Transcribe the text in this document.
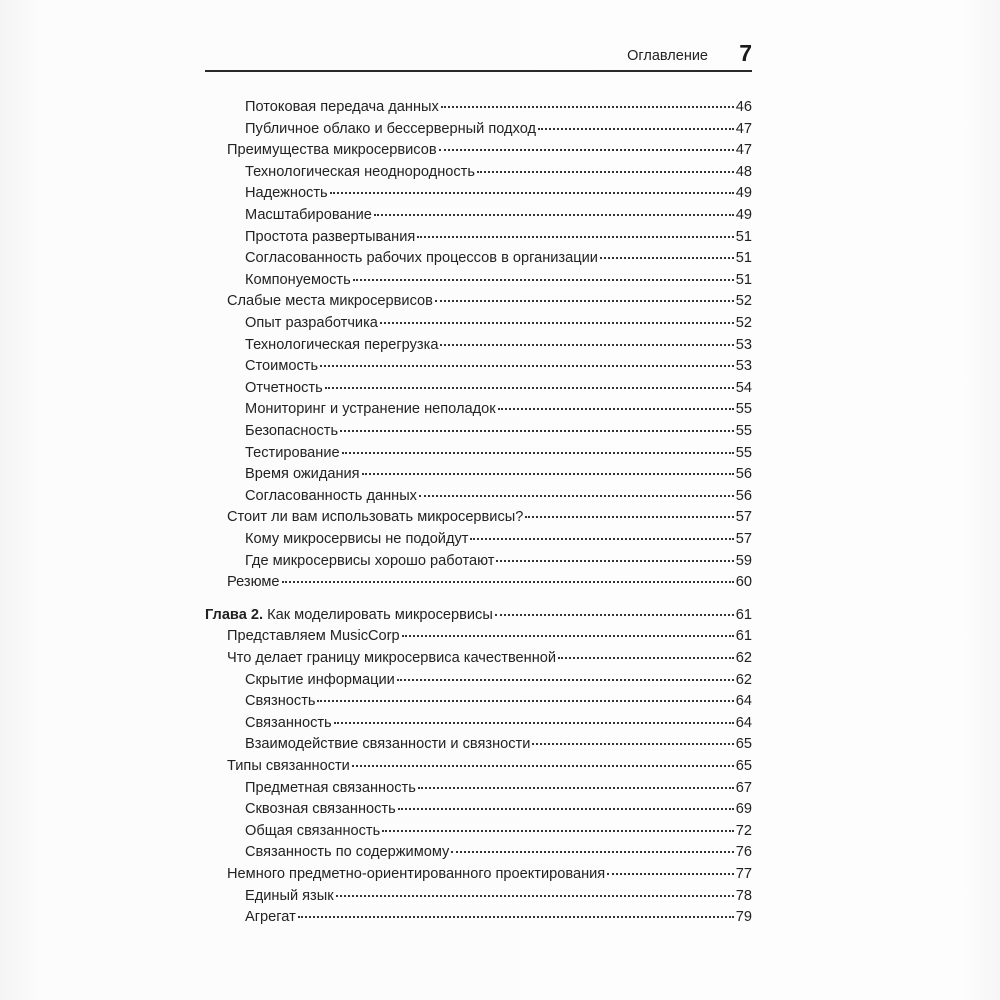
Оглавление 7
Потоковая передача данных	46
Публичное облако и бессерверный подход	47
Преимущества микросервисов	47
Технологическая неоднородность	48
Надежность	49
Масштабирование	49
Простота развертывания	51
Согласованность рабочих процессов в организации	51
Компонуемость	51
Слабые места микросервисов	52
Опыт разработчика	52
Технологическая перегрузка	53
Стоимость	53
Отчетность	54
Мониторинг и устранение неполадок	55
Безопасность	55
Тестирование	55
Время ожидания	56
Согласованность данных	56
Стоит ли вам использовать микросервисы?	57
Кому микросервисы не подойдут	57
Где микросервисы хорошо работают	59
Резюме	60
Глава 2. Как моделировать микросервисы	61
Представляем MusicCorp	61
Что делает границу микросервиса качественной	62
Скрытие информации	62
Связность	64
Связанность	64
Взаимодействие связанности и связности	65
Типы связанности	65
Предметная связанность	67
Сквозная связанность	69
Общая связанность	72
Связанность по содержимому	76
Немного предметно-ориентированного проектирования	77
Единый язык	78
Агрегат	79
